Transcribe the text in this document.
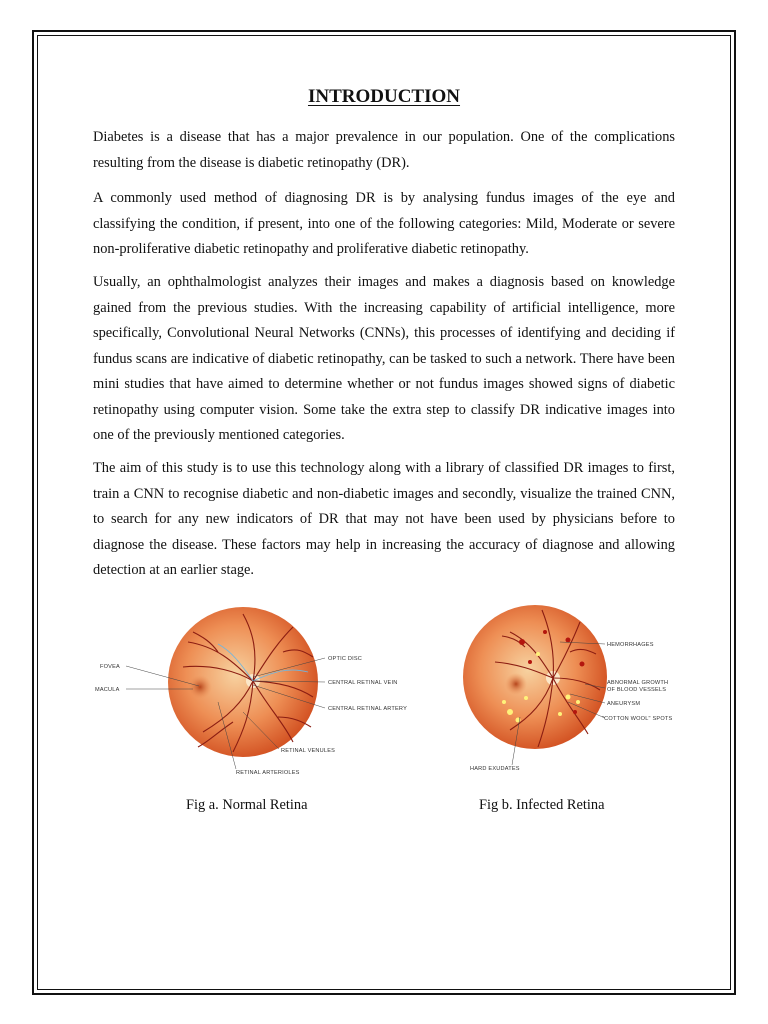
INTRODUCTION

Diabetes is a disease that has a major prevalence in our population. One of the complications resulting from the disease is diabetic retinopathy (DR).

A commonly used method of diagnosing DR is by analysing fundus images of the eye and classifying the condition, if present, into one of the following categories: Mild, Moderate or severe non-proliferative diabetic retinopathy and proliferative diabetic retinopathy.

Usually, an ophthalmologist analyzes their images and makes a diagnosis based on knowledge gained from the previous studies. With the increasing capability of artificial intelligence, more specifically, Convolutional Neural Networks (CNNs), this processes of identifying and deciding if fundus scans are indicative of diabetic retinopathy, can be tasked to such a network. There have been mini studies that have aimed to determine whether or not fundus images showed signs of diabetic retinopathy using computer vision. Some take the extra step to classify DR indicative images into one of the previously mentioned categories.

The aim of this study is to use this technology along with a library of classified DR images to first, train a CNN to recognise diabetic and non-diabetic images and secondly, visualize the trained CNN, to search for any new indicators of DR that may not have been used by physicians before to diagnose the disease. These factors may help in increasing the accuracy of diagnose and allowing detection at an earlier stage.

FOVEA
MACULA
OPTIC DISC
CENTRAL RETINAL VEIN
CENTRAL RETINAL ARTERY
RETINAL VENULES
RETINAL ARTERIOLES
HEMORRHAGES
ABNORMAL GROWTH
OF BLOOD VESSELS
ANEURYSM
"COTTON WOOL" SPOTS
HARD EXUDATES
Fig a. Normal Retina	Fig b. Infected Retina
